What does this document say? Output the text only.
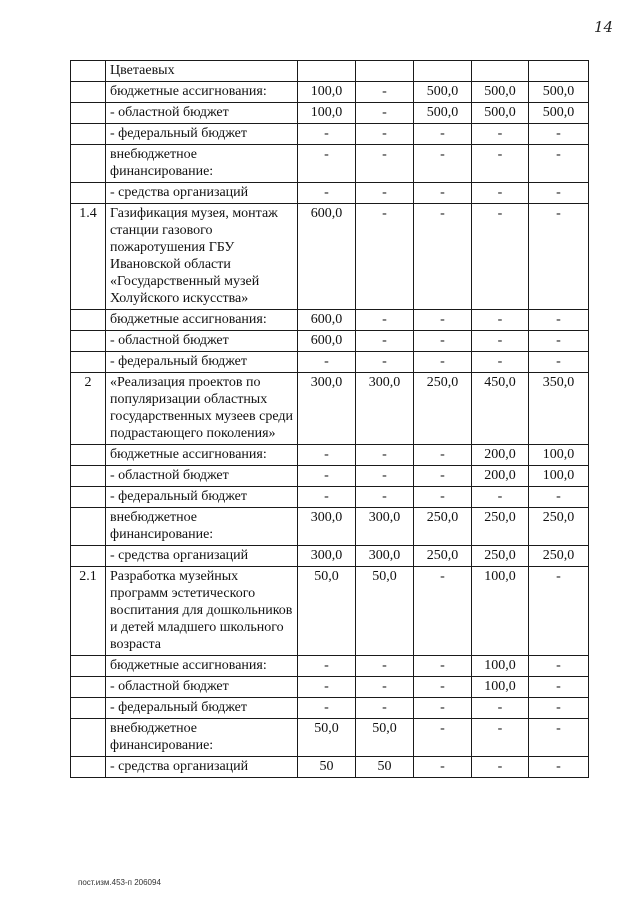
14
	Цветаевых					
	бюджетные ассигнования:	100,0	-	500,0	500,0	500,0
	- областной бюджет	100,0	-	500,0	500,0	500,0
	- федеральный бюджет	-	-	-	-	-
	внебюджетное финансирование:	-	-	-	-	-
	- средства организаций	-	-	-	-	-
1.4	Газификация музея, монтаж станции газового пожаротушения ГБУ Ивановской области «Государственный музей Холуйского искусства»	600,0	-	-	-	-
	бюджетные ассигнования:	600,0	-	-	-	-
	- областной бюджет	600,0	-	-	-	-
	- федеральный бюджет	-	-	-	-	-
2	«Реализация проектов по популяризации областных государственных музеев среди подрастающего поколения»	300,0	300,0	250,0	450,0	350,0
	бюджетные ассигнования:	-	-	-	200,0	100,0
	- областной бюджет	-	-	-	200,0	100,0
	- федеральный бюджет	-	-	-	-	-
	внебюджетное финансирование:	300,0	300,0	250,0	250,0	250,0
	- средства организаций	300,0	300,0	250,0	250,0	250,0
2.1	Разработка музейных программ эстетического воспитания для дошкольников и детей младшего школьного возраста	50,0	50,0	-	100,0	-
	бюджетные ассигнования:	-	-	-	100,0	-
	- областной бюджет	-	-	-	100,0	-
	- федеральный бюджет	-	-	-	-	-
	внебюджетное финансирование:	50,0	50,0	-	-	-
	- средства организаций	50	50	-	-	-
пост.изм.453-п 206094
